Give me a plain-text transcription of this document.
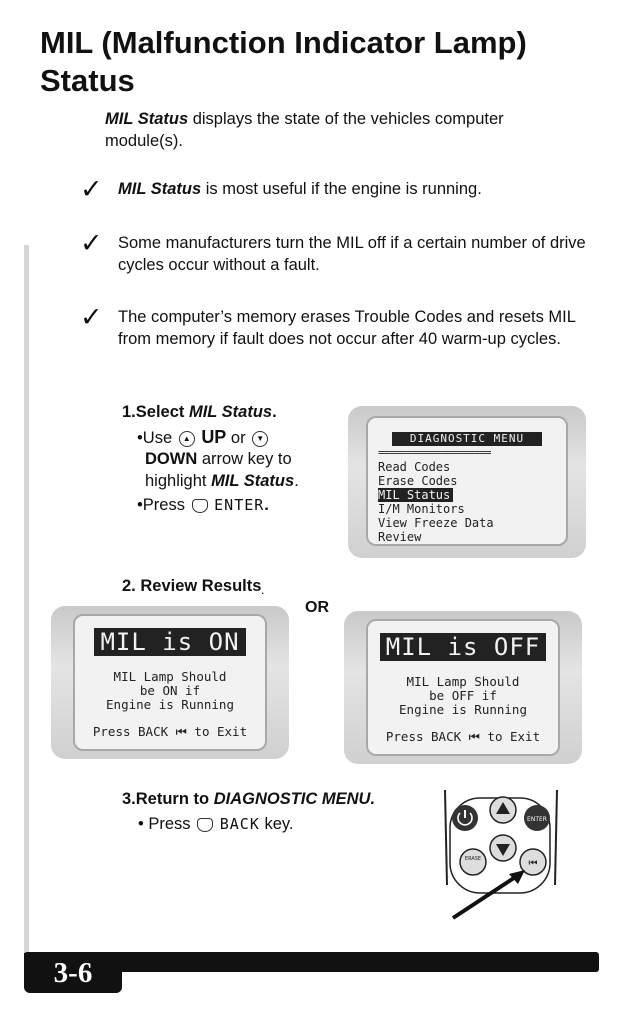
MIL (Malfunction Indicator Lamp)
Status
MIL Status displays the state of the vehicles computer module(s).
✓ MIL Status is most useful if the engine is running.
✓ Some manufacturers turn the MIL off if a certain number of drive cycles occur without a fault.
✓ The computer’s memory erases Trouble Codes and resets MIL from memory if fault does not occur after 40 warm-up cycles.
1.Select MIL Status.
•Use ▲ UP or ▼
DOWN arrow key to
highlight MIL Status.
•Press ENTER.
DIAGNOSTIC MENU
====================
Read Codes
Erase Codes
MIL Status
I/M Monitors
View Freeze Data
Review
2. Review Results.
OR
MIL is ON
MIL Lamp Should
be ON if
Engine is Running
Press BACK ⏮ to Exit
MIL is OFF
MIL Lamp Should
be OFF if
Engine is Running
Press BACK ⏮ to Exit
3.Return to DIAGNOSTIC MENU.
• Press BACK key.	ENTER
ERASE	⏮
3-6
